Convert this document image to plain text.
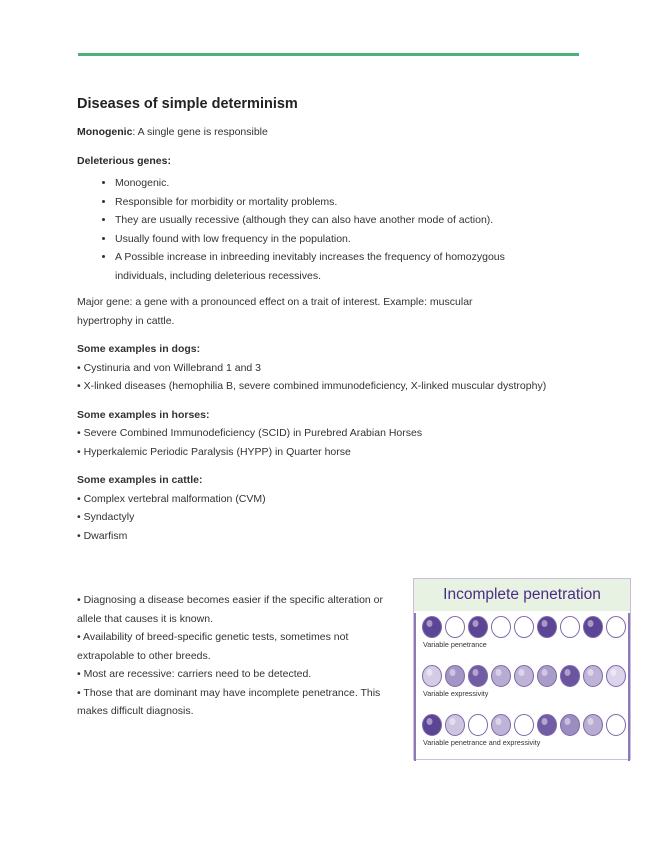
Diseases of simple determinism

Monogenic: A single gene is responsible

Deleterious genes:

• Monogenic.
• Responsible for morbidity or mortality problems.
• They are usually recessive (although they can also have another mode of action).
• Usually found with low frequency in the population.
• A Possible increase in inbreeding inevitably increases the frequency of homozygous individuals, including deleterious recessives.

Major gene: a gene with a pronounced effect on a trait of interest. Example: muscular hypertrophy in cattle.

Some examples in dogs:
• Cystinuria and von Willebrand 1 and 3
• X-linked diseases (hemophilia B, severe combined immunodeficiency, X-linked muscular dystrophy)
Some examples in horses:
• Severe Combined Immunodeficiency (SCID) in Purebred Arabian Horses
• Hyperkalemic Periodic Paralysis (HYPP) in Quarter horse
Some examples in cattle:
• Complex vertebral malformation (CVM)
• Syndactyly
• Dwarfism
• Diagnosing a disease becomes easier if the specific alteration or allele that causes it is known.
• Availability of breed-specific genetic tests, sometimes not extrapolable to other breeds.
• Most are recessive: carriers need to be detected.
• Those that are dominant may have incomplete penetrance. This makes difficult diagnosis.
Incomplete penetration
Variable penetrance
Variable expressivity
Variable penetrance and expressivity
